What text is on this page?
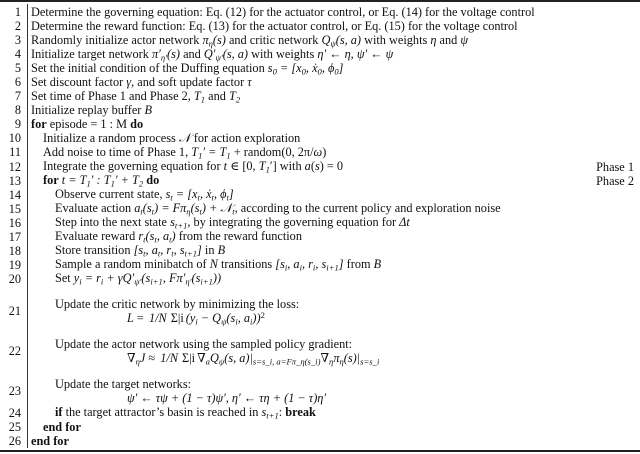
1 Determine the governing equation: Eq. (12) for the actuator control, or Eq. (14) for the voltage control
2 Determine the reward function: Eq. (13) for the actuator control, or Eq. (15) for the voltage control
3 Randomly initialize actor network $\pi_\eta(s)$ and critic network $Q_\psi(s$, a) with weights η and ψ
4 Initialize target network $\pi'_{\eta'}(s)$ and $Q'_{\psi'}(s$, a) with weights η′ ← η, ψ′ ← ψ
5 Set the initial condition of the Duffing equation $s_0 = [x_0$, ẋ$_0$, $\phi_0$]
6 Set discount factor γ, and soft update factor τ
7 Set time of Phase 1 and Phase 2, $T_1$ and $T_2$
8 Initialize replay buffer B
9 for episode = 1 : M do
10 Initialize a random process 𝒩 for action exploration
11 Add noise to time of Phase 1, $T_1' = T_1$ + random(0, 2π/ω)
12 Integrate the governing equation for t ∈ [0, $T_1'$] with a(s) = 0	Phase 1
13 for $t = T_1'$ : $T_1' + T_2$ do	Phase 2
14	Observe current state, $s_t = [x_t$, ẋ$_t$, $\phi_t$]
15	Evaluate action $a_t(s_t) = F\pi_\eta(s_t)$ + 𝒩$_t$, according to the current policy and exploration noise
16	Step into the next state $s_{t+1}$, by integrating the governing equation for Δt
17	Evaluate reward $r_t(s_t$, $a_t$) from the reward function
18	Store transition [$s_t$, $a_t$, $r_t$, $s_{t+1}$] in B
19	Sample a random minibatch of N transitions [$s_i$, $a_i$, $r_i$, $s_{i+1}$] from B
20	Set $y_i = r_i + \gamma Q'_{\psi'}(s_{i+1}$, $F\pi'_{\eta'}(s_{i+1})$)
21	Update the critic network by minimizing the loss:
L = 1/N Σ|i ($y_i - Q_\psi(s_i$, $a_i))^2$
22	Update the actor network using the sampled policy gradient:
$\nabla_\eta J \approx 1/N$ Σ|i $\nabla_aQ_\psi(s$, $a)|_{s=s\_i, a=F\pi\_\eta(s\_i)}\nabla_\eta\pi_\eta(s)|_{s=s\_i}$
23	Update the target networks:
ψ′ ← τψ + (1 − τ)ψ′, η′ ← τη + (1 − τ)η′
24	if the target attractor’s basin is reached in $s_{t+1}$: break
25 end for
26 end for
